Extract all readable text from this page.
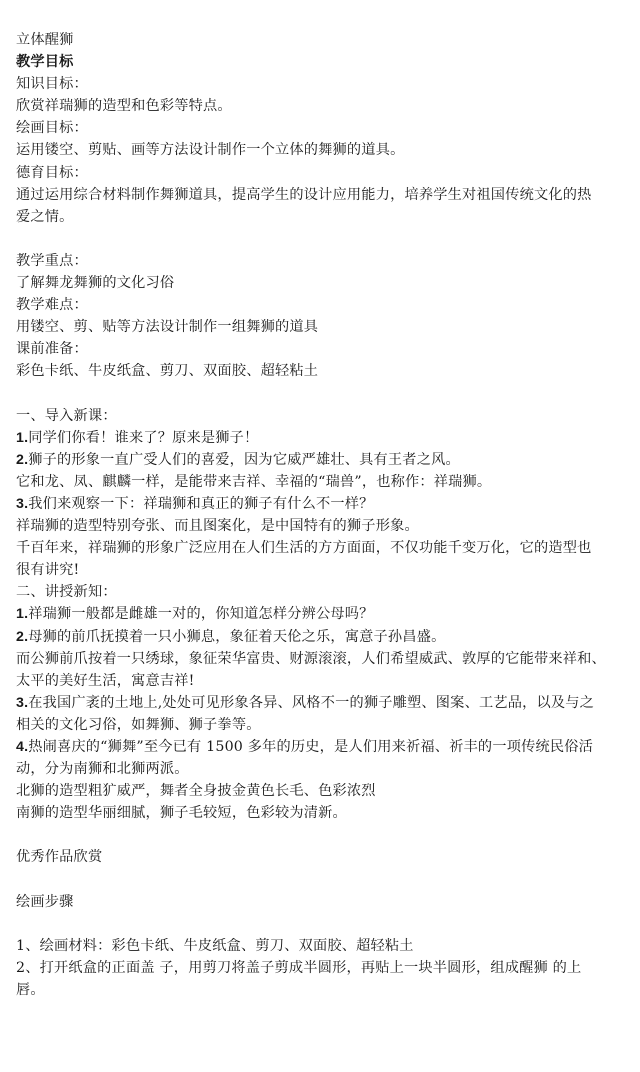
立体醒狮
教学目标
知识目标：
欣赏祥瑞狮的造型和色彩等特点。
绘画目标：
运用镂空、剪贴、画等方法设计制作一个立体的舞狮的道具。
德育目标：
通过运用综合材料制作舞狮道具，提高学生的设计应用能力，培养学生对祖国传统文化的热
爱之情。
教学重点：
了解舞龙舞狮的文化习俗
教学难点：
用镂空、剪、贴等方法设计制作一组舞狮的道具
课前准备：
彩色卡纸、牛皮纸盒、剪刀、双面胶、超轻粘土
一、导入新课：
1.同学们你看！谁来了？原来是狮子！
2.狮子的形象一直广受人们的喜爱，因为它威严雄壮、具有王者之风。
它和龙、凤、麒麟一样，是能带来吉祥、幸福的“瑞兽”，也称作：祥瑞狮。
3.我们来观察一下：祥瑞狮和真正的狮子有什么不一样？
祥瑞狮的造型特别夸张、而且图案化，是中国特有的狮子形象。
千百年来，祥瑞狮的形象广泛应用在人们生活的方方面面，不仅功能千变万化，它的造型也
很有讲究!
二、讲授新知：
1.祥瑞狮一般都是雌雄一对的，你知道怎样分辨公母吗？
2.母狮的前爪抚摸着一只小狮息，象征着天伦之乐，寓意子孙昌盛。
而公狮前爪按着一只绣球，象征荣华富贵、财源滚滚，人们希望威武、敦厚的它能带来祥和、
太平的美好生活，寓意吉祥!
3.在我国广袤的土地上,处处可见形象各异、风格不一的狮子雕塑、图案、工艺品，以及与之
相关的文化习俗，如舞狮、狮子拳等。
4.热闹喜庆的“狮舞”至今已有 1500 多年的历史，是人们用来祈福、祈丰的一项传统民俗活
动，分为南狮和北狮两派。
北狮的造型粗犷威严，舞者全身披金黄色长毛、色彩浓烈
南狮的造型华丽细腻，狮子毛较短，色彩较为清新。
优秀作品欣赏
绘画步骤
1、绘画材料：彩色卡纸、牛皮纸盒、剪刀、双面胶、超轻粘土
2、打开纸盒的正面盖 子，用剪刀将盖子剪成半圆形，再贴上一块半圆形，组成醒狮 的上
唇。
